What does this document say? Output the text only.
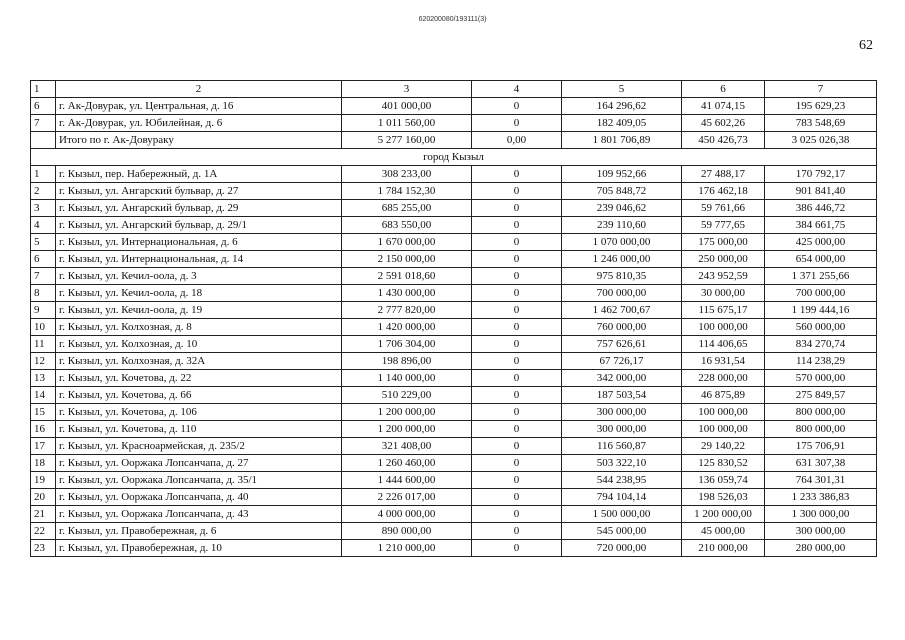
620200080/193111(3)
62
1	2	3	4	5	6	7
6	г. Ак-Довурак, ул. Центральная, д. 16	401 000,00	0	164 296,62	41 074,15	195 629,23
7	г. Ак-Довурак, ул. Юбилейная, д. 6	1 011 560,00	0	182 409,05	45 602,26	783 548,69
	Итого по г. Ак-Довураку	5 277 160,00	0,00	1 801 706,89	450 426,73	3 025 026,38
город Кызыл						
1	г. Кызыл, пер. Набережный, д. 1А	308 233,00	0	109 952,66	27 488,17	170 792,17
2	г. Кызыл, ул. Ангарский бульвар, д. 27	1 784 152,30	0	705 848,72	176 462,18	901 841,40
3	г. Кызыл, ул. Ангарский бульвар, д. 29	685 255,00	0	239 046,62	59 761,66	386 446,72
4	г. Кызыл, ул. Ангарский бульвар, д. 29/1	683 550,00	0	239 110,60	59 777,65	384 661,75
5	г. Кызыл, ул. Интернациональная, д. 6	1 670 000,00	0	1 070 000,00	175 000,00	425 000,00
6	г. Кызыл, ул. Интернациональная, д. 14	2 150 000,00	0	1 246 000,00	250 000,00	654 000,00
7	г. Кызыл, ул. Кечил-оола, д. 3	2 591 018,60	0	975 810,35	243 952,59	1 371 255,66
8	г. Кызыл, ул. Кечил-оола, д. 18	1 430 000,00	0	700 000,00	30 000,00	700 000,00
9	г. Кызыл, ул. Кечил-оола, д. 19	2 777 820,00	0	1 462 700,67	115 675,17	1 199 444,16
10	г. Кызыл, ул. Колхозная, д. 8	1 420 000,00	0	760 000,00	100 000,00	560 000,00
11	г. Кызыл, ул. Колхозная, д. 10	1 706 304,00	0	757 626,61	114 406,65	834 270,74
12	г. Кызыл, ул. Колхозная, д. 32А	198 896,00	0	67 726,17	16 931,54	114 238,29
13	г. Кызыл, ул. Кочетова, д. 22	1 140 000,00	0	342 000,00	228 000,00	570 000,00
14	г. Кызыл, ул. Кочетова, д. 66	510 229,00	0	187 503,54	46 875,89	275 849,57
15	г. Кызыл, ул. Кочетова, д. 106	1 200 000,00	0	300 000,00	100 000,00	800 000,00
16	г. Кызыл, ул. Кочетова, д. 110	1 200 000,00	0	300 000,00	100 000,00	800 000,00
17	г. Кызыл, ул. Красноармейская, д. 235/2	321 408,00	0	116 560,87	29 140,22	175 706,91
18	г. Кызыл, ул. Ооржака Лопсанчапа, д. 27	1 260 460,00	0	503 322,10	125 830,52	631 307,38
19	г. Кызыл, ул. Ооржака Лопсанчапа, д. 35/1	1 444 600,00	0	544 238,95	136 059,74	764 301,31
20	г. Кызыл, ул. Ооржака Лопсанчапа, д. 40	2 226 017,00	0	794 104,14	198 526,03	1 233 386,83
21	г. Кызыл, ул. Ооржака Лопсанчапа, д. 43	4 000 000,00	0	1 500 000,00	1 200 000,00	1 300 000,00
22	г. Кызыл, ул. Правобережная, д. 6	890 000,00	0	545 000,00	45 000,00	300 000,00
23	г. Кызыл, ул. Правобережная, д. 10	1 210 000,00	0	720 000,00	210 000,00	280 000,00
